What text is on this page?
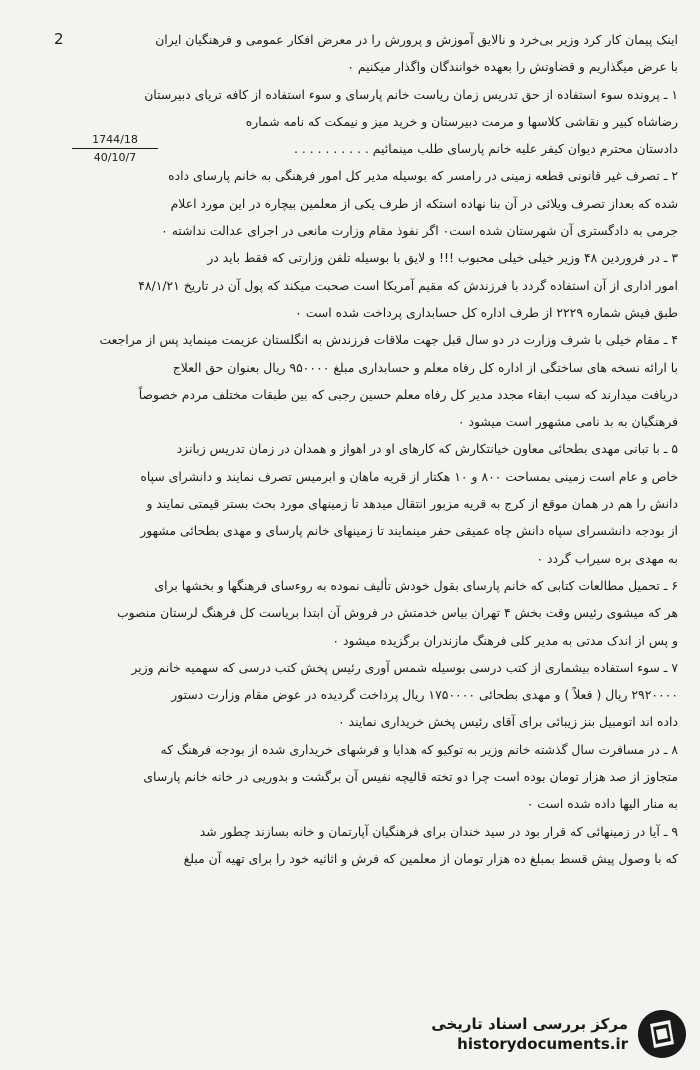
2
1744/18
40/10/7
اینک پیمان کار کرد وزیر بی‌خرد و نالایق آموزش و پرورش را در معرض افکار عمومی و فرهنگیان ایران
با عرض میگذاریم و قضاوتش را بعهده خوانندگان واگذار میکنیم ۰
۱ ـ پرونده سوء استفاده از حق تدریس زمان ریاست خانم پارسای و سوء استفاده از کافه تریای دبیرستان
رضاشاه کبیر و نقاشی کلاسها و مرمت دبیرستان و خرید میز و نیمکت که نامه شماره
دادستان محترم دیوان کیفر علیه خانم پارسای طلب مینمائیم . . . . . . . . . .
۲ ـ تصرف غیر قانونی قطعه زمینی در رامسر که بوسیله مدیر کل امور فرهنگی به خانم پارسای داده
شده که بعداز تصرف ویلائی در آن بنا نهاده استکه از طرف یکی از معلمین بیچاره در این مورد اعلام
جرمی به دادگستری آن شهرستان شده است۰ اگر نفوذ مقام وزارت مانعی در اجرای عدالت نداشته ۰
۳ ـ در فروردین ۴۸ وزیر خیلی خیلی محبوب !!! و لایق با بوسیله تلفن وزارتی که فقط باید در
امور اداری از آن استفاده گردد با فرزندش که مقیم آمریکا است صحبت میکند که پول آن در تاریخ ۴۸/۱/۲۱
طبق فیش شماره ۲۲۲۹ از طرف اداره کل حسابداری پرداخت شده است ۰
۴ ـ مقام خیلی با شرف وزارت در دو سال قبل جهت ملاقات فرزندش به انگلستان عزیمت مینماید پس از مراجعت
با ارائه نسخه های ساختگی از اداره کل رفاه معلم و حسابداری مبلغ ۹۵۰۰۰۰ ریال بعنوان حق العلاج
دریافت میدارند که سبب ابقاء مجدد مدیر کل رفاه معلم حسین رجبی که بین طبقات مختلف مردم خصوصاً
فرهنگیان به بد نامی مشهور است میشود ۰
۵ ـ با تبانی مهدی بطحائی معاون خیانتکارش که کارهای او در اهواز و همدان در زمان تدریس زبانزد
خاص و عام است زمینی بمساحت ۸۰۰ و ۱۰ هکتار از قریه ماهان و ابرمیس تصرف نمایند و دانشرای سپاه
دانش را هم در همان موقع از کرج به قریه مزبور انتقال میدهد تا زمینهای مورد بحث بستر قیمتی نمایند و
از بودجه دانشسرای سپاه دانش چاه عمیقی حفر مینمایند تا زمینهای خانم پارسای و مهدی بطحائی مشهور
به مهدی بره سیراب گردد ۰
۶ ـ تحمیل مطالعات کتابی که خانم پارسای بقول خودش تألیف نموده به روءسای فرهنگها و بخشها برای
هر که میشوی رئیس وقت بخش ۴ تهران بیاس خدمتش در فروش آن ابتدا بریاست کل فرهنگ لرستان منصوب
و پس از اندک مدتی به مدیر کلی فرهنگ مازندران برگزیده میشود ۰
۷ ـ سوء استفاده بیشماری از کتب درسی بوسیله شمس آوری رئیس پخش کتب درسی که سهمیه خانم وزیر
۲۹۲۰۰۰۰ ریال ( فعلاً ) و مهدی بطحائی ۱۷۵۰۰۰۰ ریال پرداخت گردیده در عوض مقام وزارت دستور
داده اند اتومبیل بنز زیبائی برای آقای رئیس پخش خریداری نمایند ۰
۸ ـ در مسافرت سال گذشته خانم وزیر به توکیو که هدایا و فرشهای خریداری شده از بودجه فرهنگ که
متجاوز از صد هزار تومان بوده است چرا دو تخته قالیچه نفیس آن برگشت و بدوریی در خانه خانم پارسای
به منار الیها داده شده است ۰
۹ ـ آیا در زمینهائی که قرار بود در سید خندان برای فرهنگیان آپارتمان و خانه بسازند چطور شد
که با وصول پیش قسط بمبلغ ده هزار تومان از معلمین که فرش و اثاثیه خود را برای تهیه آن مبلغ
مرکز بررسی اسناد تاریخی
historydocuments.ir
